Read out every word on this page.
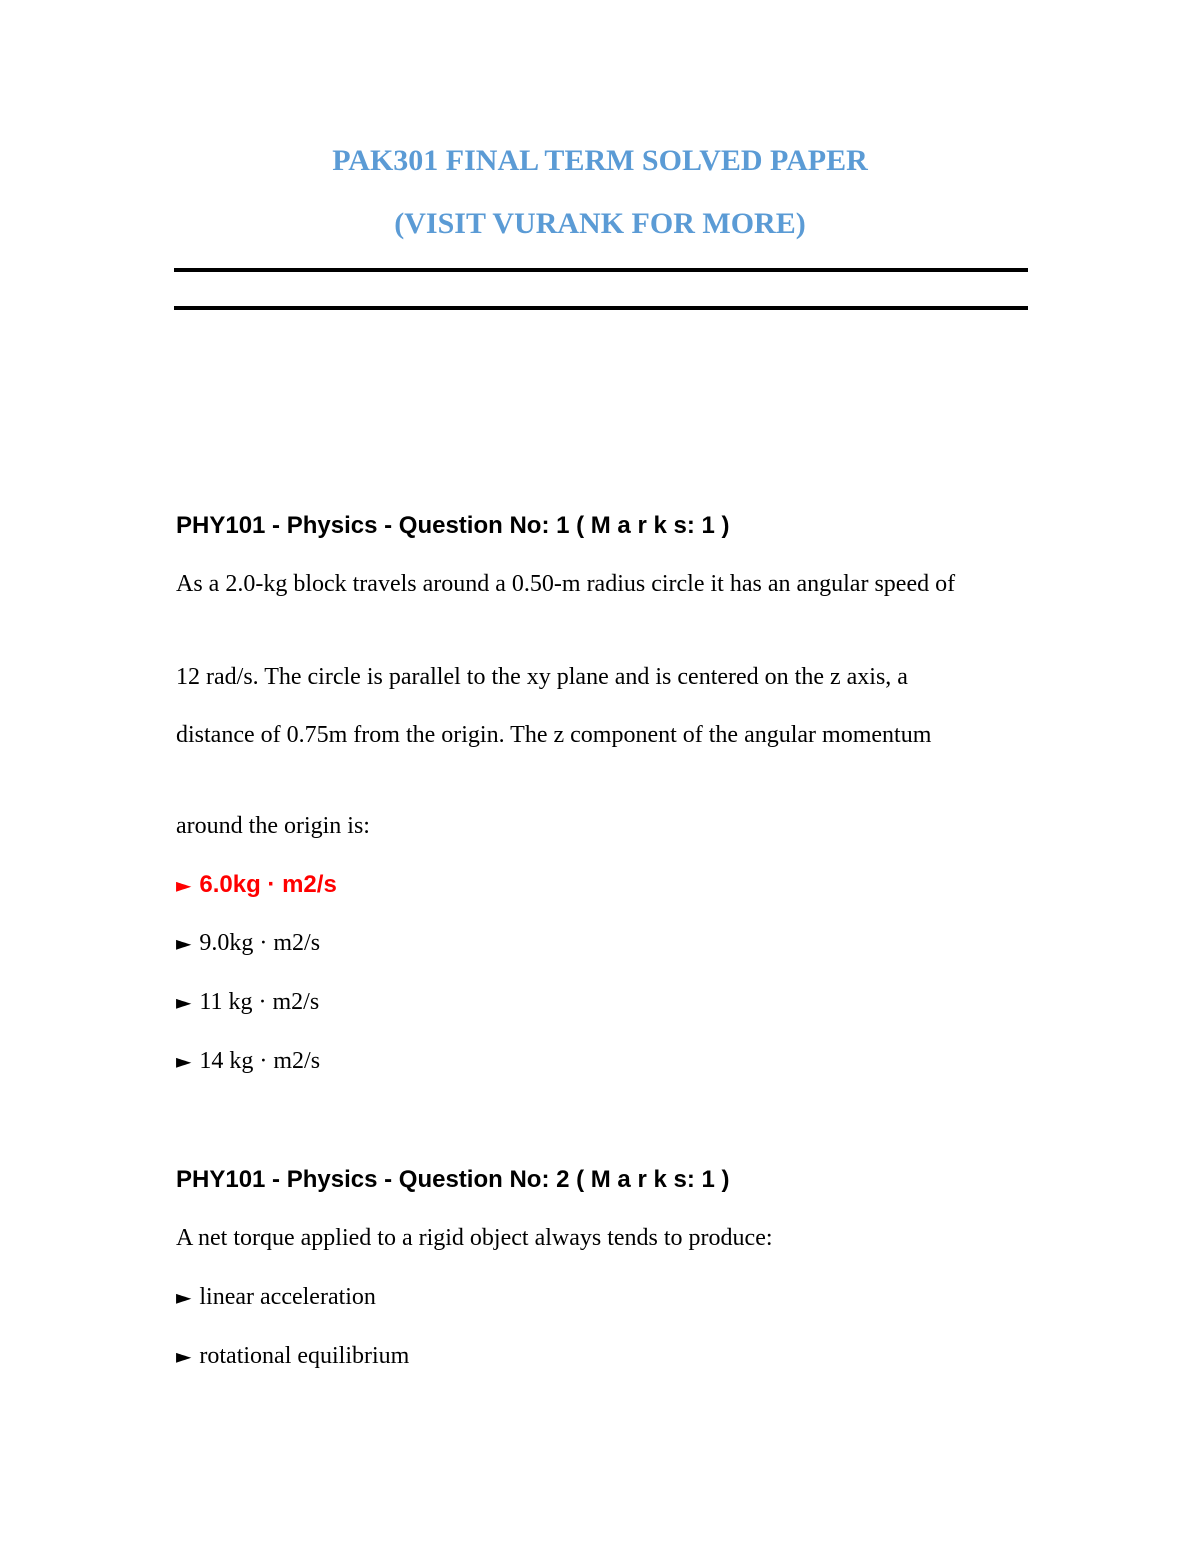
PAK301 FINAL TERM SOLVED PAPER
(VISIT VURANK FOR MORE)

PHY101 - Physics - Question No: 1 ( M a r k s: 1 )

As a 2.0-kg block travels around a 0.50-m radius circle it has an angular speed of

12 rad/s. The circle is parallel to the xy plane and is centered on the z axis, a

distance of 0.75m from the origin. The z component of the angular momentum

around the origin is:

► 6.0kg · m2/s

► 9.0kg · m2/s

► 11 kg · m2/s

► 14 kg · m2/s

PHY101 - Physics - Question No: 2 ( M a r k s: 1 )

A net torque applied to a rigid object always tends to produce:

► linear acceleration

► rotational equilibrium
